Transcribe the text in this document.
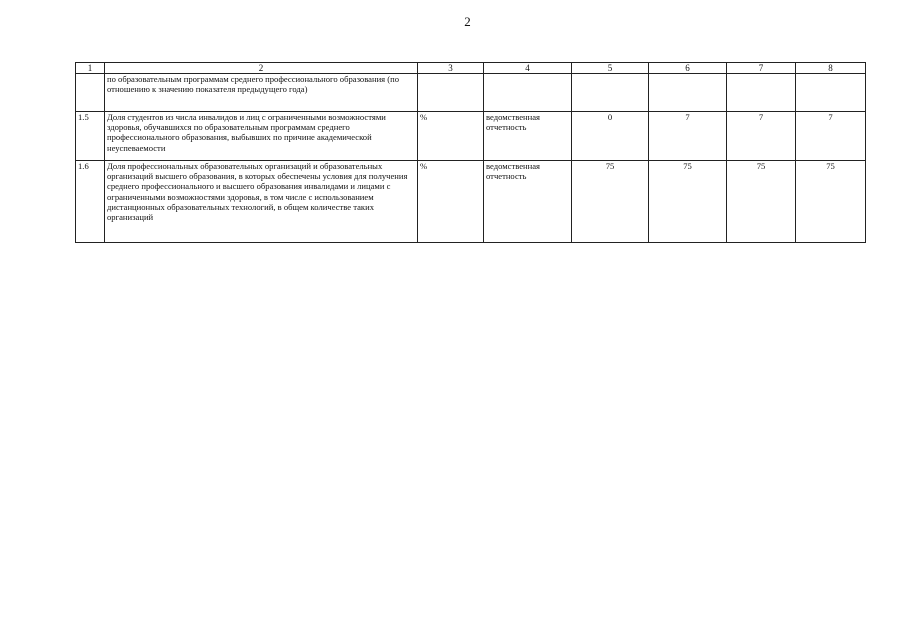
2
1	2	3	4	5	6	7	8
	по образовательным программам среднего профессионального образования (по отношению к значению показателя предыдущего года)						
1.5	Доля студентов из числа инвалидов и лиц с ограниченными возможностями здоровья, обучавшихся по образовательным программам среднего профессионального образования, выбывших по причине академической неуспеваемости	%	ведомственная отчетность	0	7	7	7
1.6	Доля профессиональных образовательных организаций и образовательных организаций высшего образования, в которых обеспечены условия для получения среднего профессионального и высшего образования инвалидами и лицами с ограниченными возможностями здоровья, в том числе с использованием дистанционных образовательных технологий, в общем количестве таких организаций	%	ведомственная отчетность	75	75	75	75
